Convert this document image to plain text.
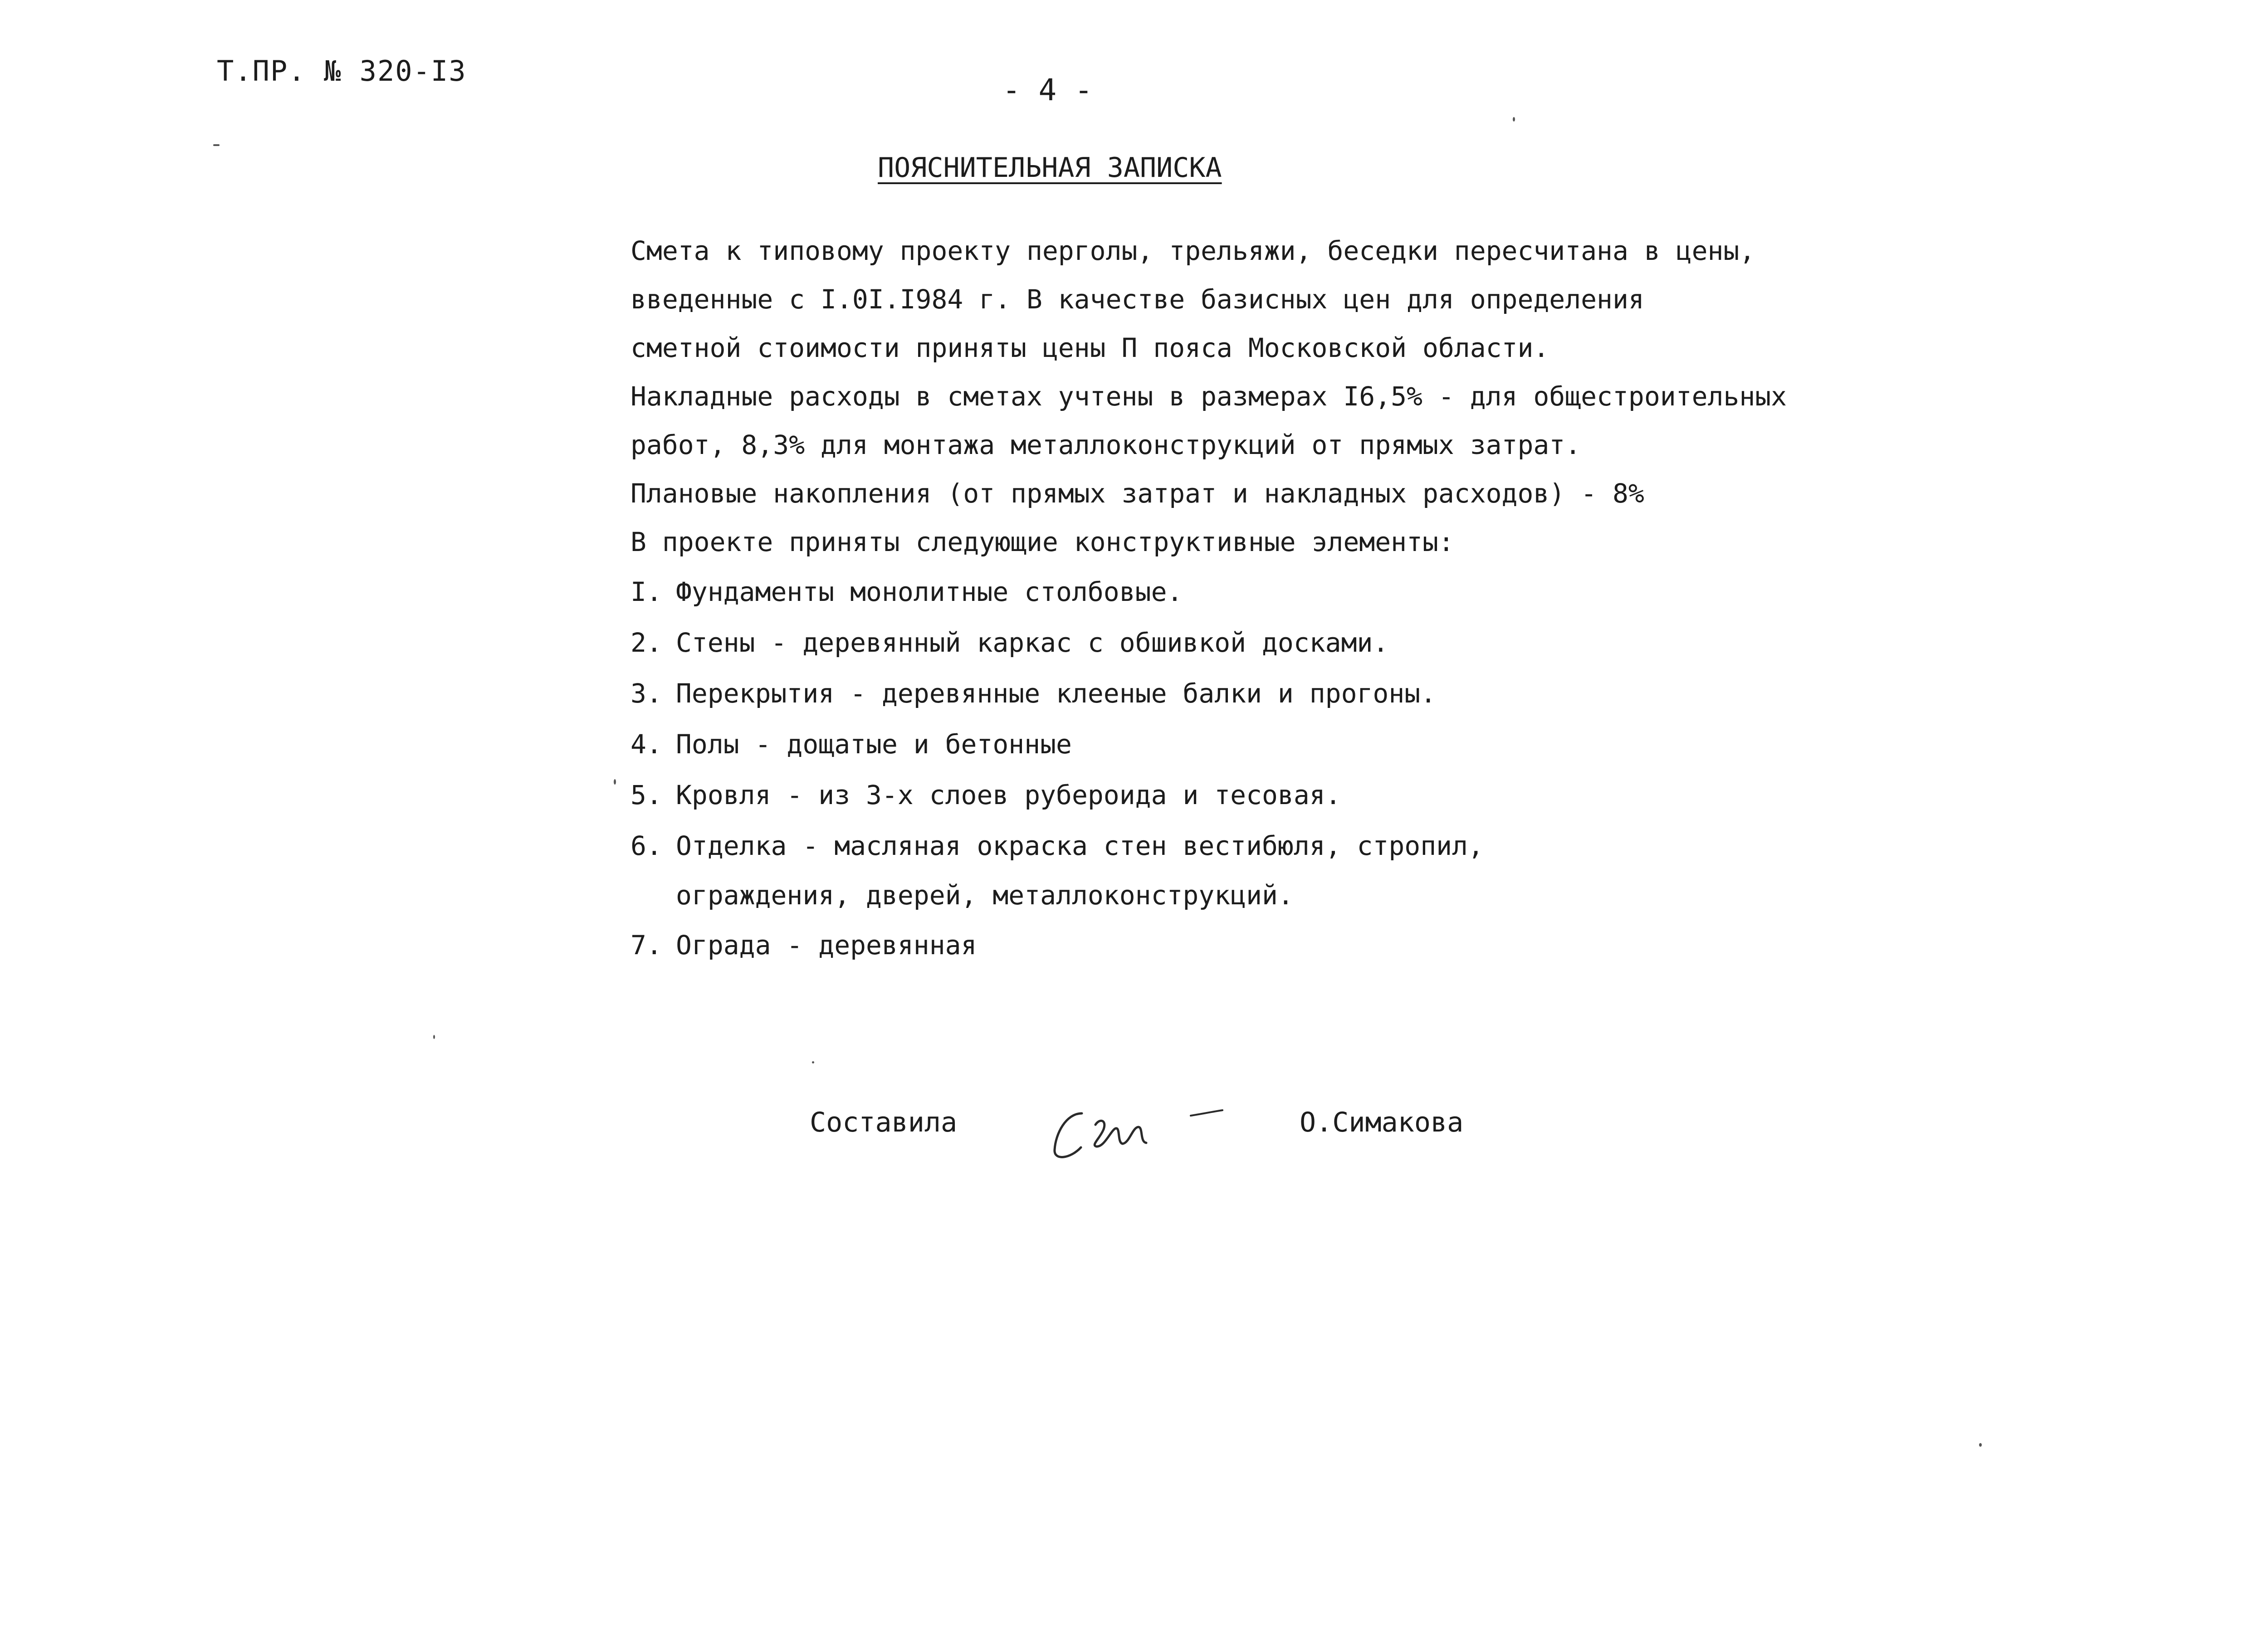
Т.ПР. № 320-I3
- 4 -
ПОЯСНИТЕЛЬНАЯ ЗАПИСКА
Смета к типовому проекту перголы, трельяжи, беседки пересчитана в цены,
введенные с I.0I.I984 г. В качестве базисных цен для определения
сметной стоимости приняты цены П пояса Московской области.
Накладные расходы в сметах учтены в размерах I6,5% - для общестроительных
работ, 8,3% для монтажа металлоконструкций от прямых затрат.
Плановые накопления (от прямых затрат и накладных расходов) - 8%
В проекте приняты следующие конструктивные элементы:
I. Фундаменты монолитные столбовые.
2. Стены - деревянный каркас с обшивкой досками.
3. Перекрытия - деревянные клееные балки и прогоны.
4. Полы - дощатые и бетонные
5. Кровля - из 3-х слоев рубероида и тесовая.
6. Отделка - масляная окраска стен вестибюля, стропил,
ограждения, дверей, металлоконструкций.
7. Ограда - деревянная
Составила	О.Симакова
